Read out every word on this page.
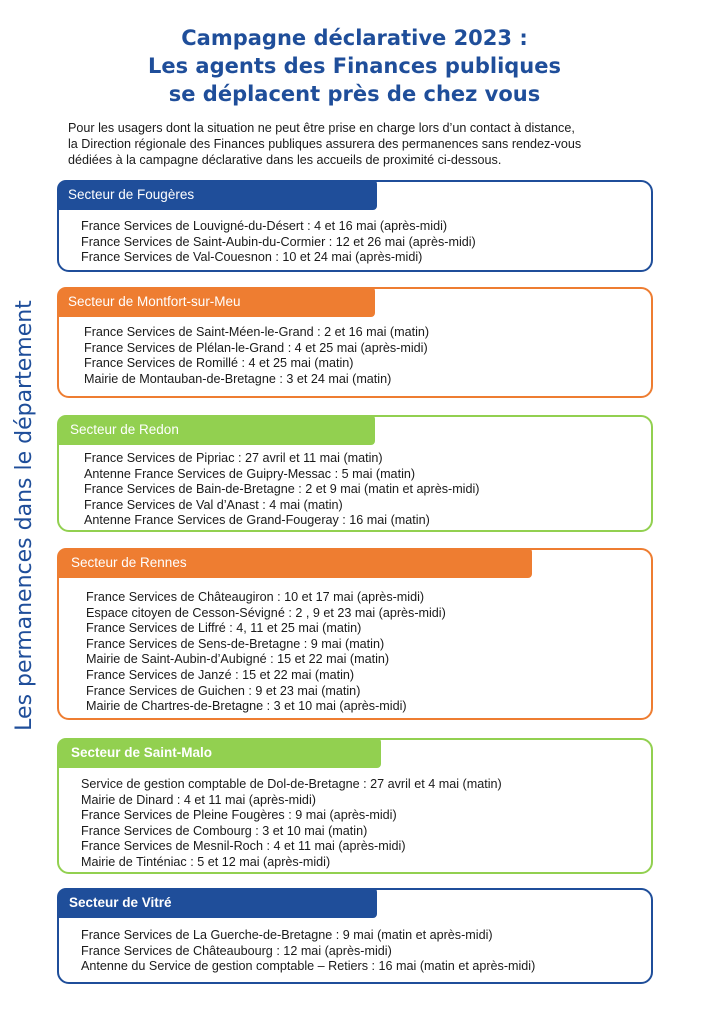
Campagne déclarative 2023 :
Les agents des Finances publiques
se déplacent près de chez vous
Pour les usagers dont la situation ne peut être prise en charge lors d’un contact à distance,
la Direction régionale des Finances publiques assurera des permanences sans rendez-vous
dédiées à la campagne déclarative dans les accueils de proximité ci-dessous.
Les permanences dans le département
Secteur de Fougères
France Services de Louvigné-du-Désert : 4 et 16 mai (après-midi)
France Services de Saint-Aubin-du-Cormier : 12 et 26 mai (après-midi)
France Services de Val-Couesnon : 10 et 24 mai (après-midi)
Secteur de Montfort-sur-Meu
France Services de Saint-Méen-le-Grand : 2 et 16 mai (matin)
France Services de Plélan-le-Grand : 4 et 25 mai (après-midi)
France Services de Romillé : 4 et 25 mai (matin)
Mairie de Montauban-de-Bretagne : 3 et 24 mai (matin)
Secteur de Redon
France Services de Pipriac : 27 avril et 11 mai (matin)
Antenne France Services de Guipry-Messac : 5 mai (matin)
France Services de Bain-de-Bretagne : 2 et 9 mai (matin et après-midi)
France Services de Val d’Anast : 4 mai (matin)
Antenne France Services de Grand-Fougeray : 16 mai (matin)
Secteur de Rennes
France Services de Châteaugiron : 10 et 17 mai (après-midi)
Espace citoyen de Cesson-Sévigné : 2 , 9 et 23 mai (après-midi)
France Services de Liffré : 4, 11 et 25 mai (matin)
France Services de Sens-de-Bretagne : 9 mai (matin)
Mairie de Saint-Aubin-d’Aubigné : 15 et 22 mai (matin)
France Services de Janzé : 15 et 22 mai (matin)
France Services de Guichen : 9 et 23 mai (matin)
Mairie de Chartres-de-Bretagne : 3 et 10 mai (après-midi)
Secteur de Saint-Malo
Service de gestion comptable de Dol-de-Bretagne : 27 avril et 4 mai (matin)
Mairie de Dinard : 4 et 11 mai (après-midi)
France Services de Pleine Fougères : 9 mai (après-midi)
France Services de Combourg : 3 et 10 mai (matin)
France Services de Mesnil-Roch : 4 et 11 mai (après-midi)
Mairie de Tinténiac : 5 et 12 mai (après-midi)
Secteur de Vitré
France Services de La Guerche-de-Bretagne : 9 mai (matin et après-midi)
France Services de Châteaubourg : 12 mai (après-midi)
Antenne du Service de gestion comptable – Retiers : 16 mai (matin et après-midi)
